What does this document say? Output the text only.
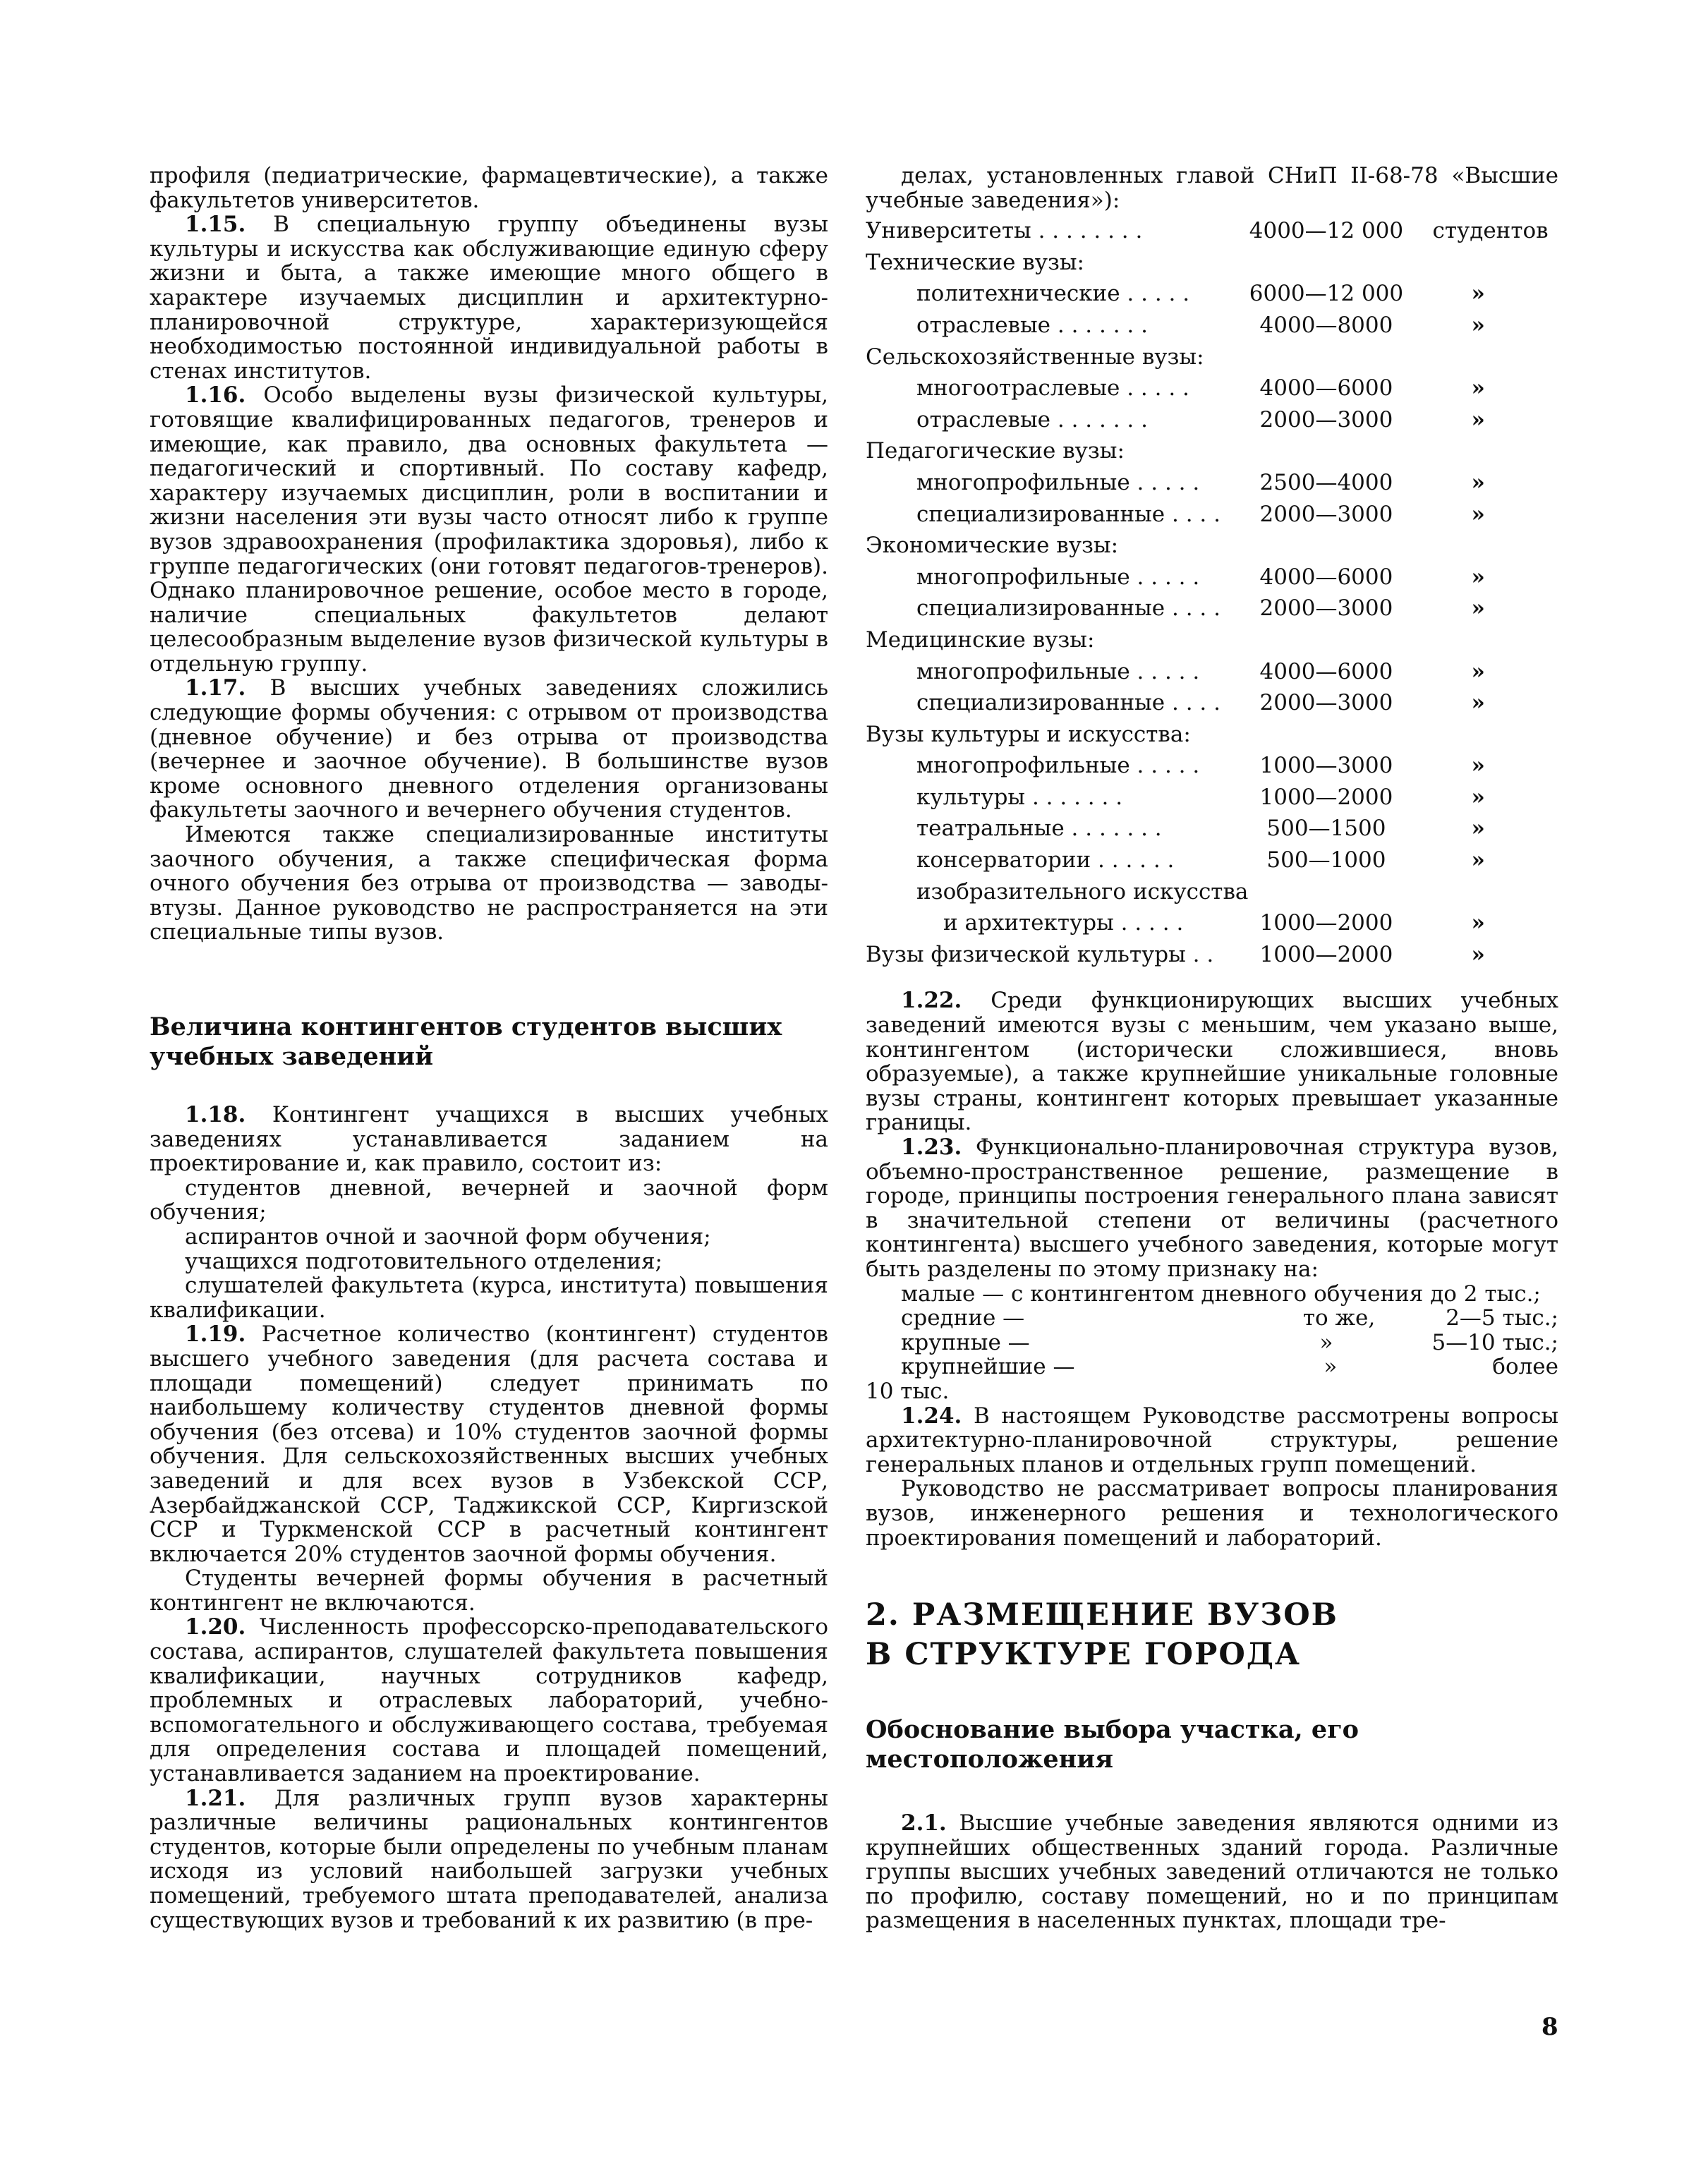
профиля (педиатрические, фармацевтические), а также факультетов университетов.

1.15. В специальную группу объединены вузы культуры и искусства как обслуживающие единую сферу жизни и быта, а также имеющие много общего в характере изучаемых дисциплин и архитектурно-планировочной структуре, характеризующейся необходимостью постоянной индивидуальной работы в стенах институтов.

1.16. Особо выделены вузы физической культуры, готовящие квалифицированных педагогов, тренеров и имеющие, как правило, два основных факультета — педагогический и спортивный. По составу кафедр, характеру изучаемых дисциплин, роли в воспитании и жизни населения эти вузы часто относят либо к группе вузов здравоохранения (профилактика здоровья), либо к группе педагогических (они готовят педагогов-тренеров). Однако планировочное решение, особое место в городе, наличие специальных факультетов делают целесообразным выделение вузов физической культуры в отдельную группу.

1.17. В высших учебных заведениях сложились следующие формы обучения: с отрывом от производства (дневное обучение) и без отрыва от производства (вечернее и заочное обучение). В большинстве вузов кроме основного дневного отделения организованы факультеты заочного и вечернего обучения студентов.

Имеются также специализированные институты заочного обучения, а также специфическая форма очного обучения без отрыва от производства — заводы-втузы. Данное руководство не распространяется на эти специальные типы вузов.

Величина контингентов студентов высших учебных заведений

1.18. Контингент учащихся в высших учебных заведениях устанавливается заданием на проектирование и, как правило, состоит из:

студентов дневной, вечерней и заочной форм обучения;

аспирантов очной и заочной форм обучения;

учащихся подготовительного отделения;

слушателей факультета (курса, института) повышения квалификации.

1.19. Расчетное количество (контингент) студентов высшего учебного заведения (для расчета состава и площади помещений) следует принимать по наибольшему количеству студентов дневной формы обучения (без отсева) и 10% студентов заочной формы обучения. Для сельскохозяйственных высших учебных заведений и для всех вузов в Узбекской ССР, Азербайджанской ССР, Таджикской ССР, Киргизской ССР и Туркменской ССР в расчетный контингент включается 20% студентов заочной формы обучения.

Студенты вечерней формы обучения в расчетный контингент не включаются.

1.20. Численность профессорско-преподавательского состава, аспирантов, слушателей факультета повышения квалификации, научных сотрудников кафедр, проблемных и отраслевых лабораторий, учебно-вспомогательного и обслуживающего состава, требуемая для определения состава и площадей помещений, устанавливается заданием на проектирование.

1.21. Для различных групп вузов характерны различные величины рациональных контингентов студентов, которые были определены по учебным планам исходя из условий наибольшей загрузки учебных помещений, требуемого штата преподавателей, анализа существующих вузов и требований к их развитию (в пре-

делах, установленных главой СНиП II-68-78 «Высшие учебные заведения»):

Университеты . . . . . . . .	4000—12 000	студентов
Технические вузы:		
политехнические . . . . .	6000—12 000	»
отраслевые . . . . . . .	4000—8000	»
Сельскохозяйственные вузы:		
многоотраслевые . . . . .	4000—6000	»
отраслевые . . . . . . .	2000—3000	»
Педагогические вузы:		
многопрофильные . . . . .	2500—4000	»
специализированные . . . .	2000—3000	»
Экономические вузы:		
многопрофильные . . . . .	4000—6000	»
специализированные . . . .	2000—3000	»
Медицинские вузы:		
многопрофильные . . . . .	4000—6000	»
специализированные . . . .	2000—3000	»
Вузы культуры и искусства:		
многопрофильные . . . . .	1000—3000	»
культуры . . . . . . .	1000—2000	»
театральные . . . . . . .	500—1500	»
консерватории . . . . . .	500—1000	»
изобразительного искусства		
и архитектуры . . . . .	1000—2000	»
Вузы физической культуры . .	1000—2000	»

1.22. Среди функционирующих высших учебных заведений имеются вузы с меньшим, чем указано выше, контингентом (исторически сложившиеся, вновь образуемые), а также крупнейшие уникальные головные вузы страны, контингент которых превышает указанные границы.

1.23. Функционально-планировочная структура вузов, объемно-пространственное решение, размещение в городе, принципы построения генерального плана зависят в значительной степени от величины (расчетного контингента) высшего учебного заведения, которые могут быть разделены по этому признаку на:

малые — с контингентом дневного обучения до 2 тыс.;

средние —	то же,	2—5 тыс.;
крупные —	»	5—10 тыс.;
крупнейшие —	»	более

10 тыс.

1.24. В настоящем Руководстве рассмотрены вопросы архитектурно-планировочной структуры, решение генеральных планов и отдельных групп помещений.

Руководство не рассматривает вопросы планирования вузов, инженерного решения и технологического проектирования помещений и лабораторий.

2. РАЗМЕЩЕНИЕ ВУЗОВ В СТРУКТУРЕ ГОРОДА
Обоснование выбора участка, его местоположения

2.1. Высшие учебные заведения являются одними из крупнейших общественных зданий города. Различные группы высших учебных заведений отличаются не только по профилю, составу помещений, но и по принципам размещения в населенных пунктах, площади тре-

8
